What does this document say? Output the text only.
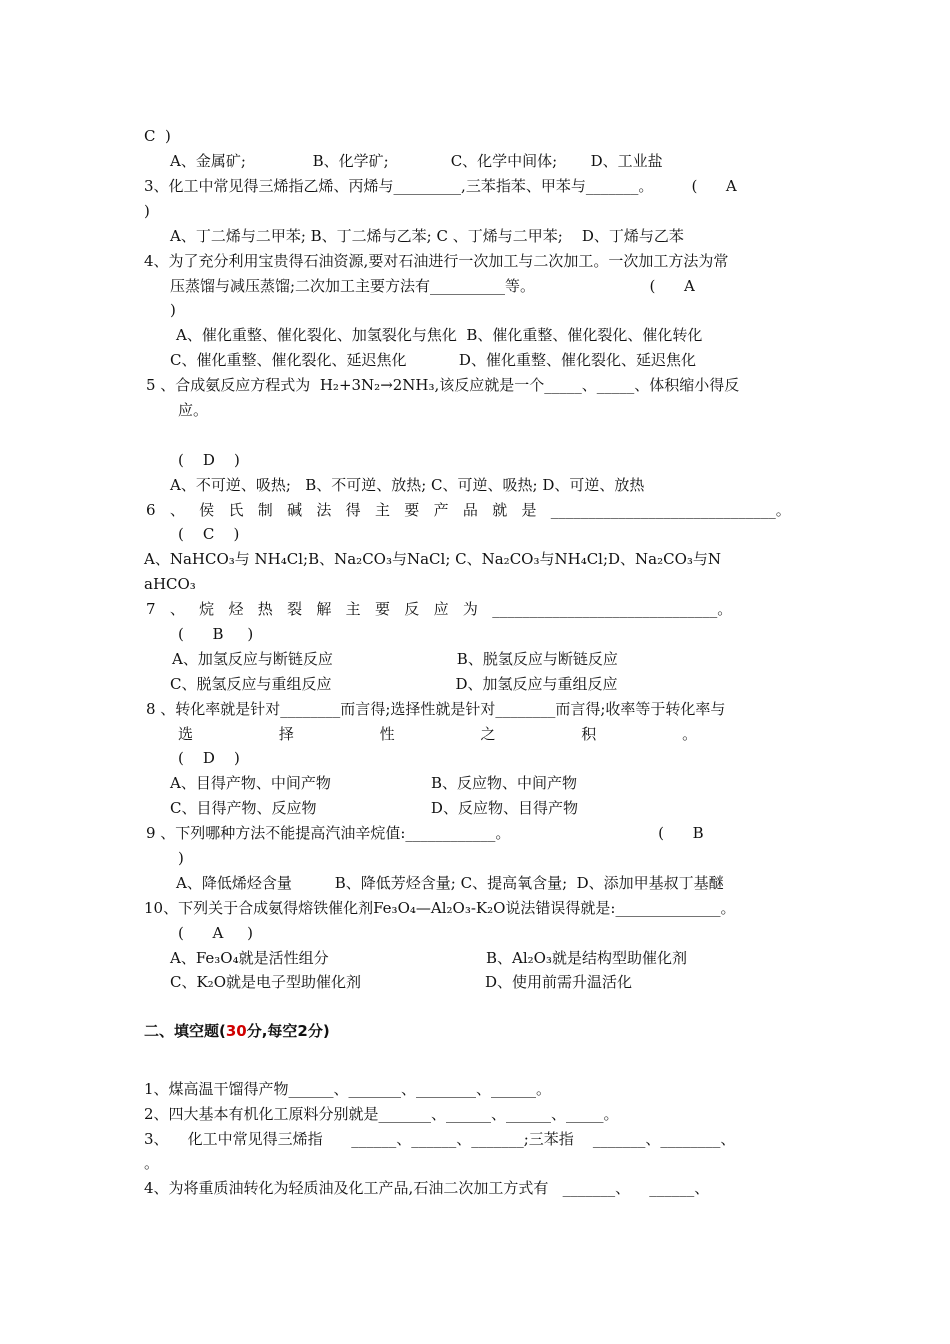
C  )
A、金属矿;              B、化学矿;             C、化学中间体;       D、工业盐
3、化工中常见得三烯指乙烯、丙烯与_________,三苯指苯、甲苯与_______。        (      A
)
A、丁二烯与二甲苯; B、丁二烯与乙苯; C 、丁烯与二甲苯;    D、丁烯与乙苯
4、为了充分利用宝贵得石油资源,要对石油进行一次加工与二次加工。一次加工方法为常
压蒸馏与减压蒸馏;二次加工主要方法有__________等。                        (      A
)
A、催化重整、催化裂化、加氢裂化与焦化  B、催化重整、催化裂化、催化转化
C、催化重整、催化裂化、延迟焦化           D、催化重整、催化裂化、延迟焦化
5 、合成氨反应方程式为  H₂+3N₂→2NH₃,该反应就是一个_____、_____、体积缩小得反
应。
(    D    )
A、不可逆、吸热;   B、不可逆、放热; C、可逆、吸热; D、可逆、放热
6   、   侯   氏   制   碱   法   得   主   要   产   品   就   是   ______________________________。
(    C    )
A、NaHCO₃与 NH₄Cl;B、Na₂CO₃与NaCl; C、Na₂CO₃与NH₄Cl;D、Na₂CO₃与N
aHCO₃
7   、   烷   烃   热   裂   解   主   要   反   应   为   ______________________________。
(      B     )
A、加氢反应与断链反应                          B、脱氢反应与断链反应
C、脱氢反应与重组反应                          D、加氢反应与重组反应
8 、转化率就是针对________而言得;选择性就是针对________而言得;收率等于转化率与
选                  择                  性                  之                  积                  。
(    D    )
A、目得产物、中间产物                     B、反应物、中间产物
C、目得产物、反应物                        D、反应物、目得产物
9 、下列哪种方法不能提高汽油辛烷值:____________。                               (      B
)
A、降低烯烃含量         B、降低芳烃含量; C、提高氧含量;  D、添加甲基叔丁基醚
10、下列关于合成氨得熔铁催化剂Fe₃O₄—Al₂O₃-K₂O说法错误得就是:______________。
(      A     )
A、Fe₃O₄就是活性组分                                 B、Al₂O₃就是结构型助催化剂
C、K₂O就是电子型助催化剂                          D、使用前需升温活化
二、填空题(30分,每空2分)
1、煤高温干馏得产物______、_______、________、______。
2、四大基本有机化工原料分别就是_______、______、______、_____。
3、    化工中常见得三烯指      ______、______、_______;三苯指    _______、________、
。
4、为将重质油转化为轻质油及化工产品,石油二次加工方式有   _______、    ______、
